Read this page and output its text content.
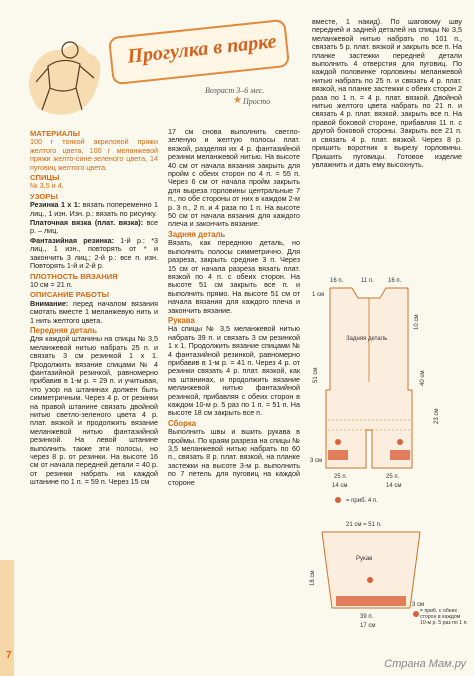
Прогулка в парке
Возраст 3–6 мес.
★ Просто
МАТЕРИАЛЫ

100 г тонкой акриловой пряжи желтого цвета, 100 г меланжевой пряжи желто-сине-зеленого цвета, 14 пуговиц желтого цвета.

СПИЦЫ

№ 3,5 и 4.

УЗОРЫ

Резинка 1 х 1: вязать попеременно 1 лиц., 1 изн. Изн. р.: вязать по рисунку.

Платочная вязка (плат. вязка): все р. – лиц.

Фантазийная резинка: 1-й р.: *3 лиц., 1 изн., повторять от * и закончить 3 лиц.; 2-й р.: все п. изн. Повторять 1-й и 2-й р.

ПЛОТНОСТЬ ВЯЗАНИЯ

10 см = 21 п.

ОПИСАНИЕ РАБОТЫ

Внимание: перед началом вязания смотать вместе 1 меланжевую нить и 1 нить желтого цвета.

Передняя деталь

Для каждой штанины на спицы № 3,5 меланжевой нитью набрать 25 п. и связать 3 см резинкой 1 х 1. Продолжить вязание спицами № 4 фантазийной резинкой, равномерно прибавив в 1-м р. = 29 п. и учитывая, что узор на штанинах должен быть симметричным. Через 4 р. от резинки на правой штанине связать двойной нитью светло-зеленого цвета 4 р. плат. вязкой и продолжить вязание меланжевой нитью фантазийной резинкой. На левой штанине выполнить также эти полосы, но через 8 р. от резинки. На высоте 16 см от начала передней детали = 40 р. от резинки набрать на каждой штанине по 1 п. = 59 п. Через 15 см

17 см снова выполнить светло-зеленую и желтую полосы плат. вязкой, разделяя их 4 р. фантазийной резинки меланжевой нитью. На высоте 40 см от начала вязания закрыть для пройм с обеих сторон по 4 п. = 55 п. Через 6 см от начала пройм закрыть для выреза горловины центральные 7 п., по обе стороны от них в каждом 2-м р. 3 п., 2 п. и 4 раза по 1 п. На высоте 50 см от начала вязания для каждого плеча и закончить вязание.

Задняя деталь

Вязать, как переднюю деталь, но выполнить полосы симметрично. Для разреза, закрыть средние 3 п. Через 15 см от начала разреза вязать плат. вязкой по 4 п. с обеих сторон. На высоте 51 см закрыть все п. и выполнить прямо. На высоте 51 см от начала вязания для каждого плеча и закончить вязание.

Рукава

На спицы № 3,5 меланжевой нитью набрать 39 п. и связать 3 см резинкой 1 х 1. Продолжить вязание спицами № 4 фантазийной резинкой, равномерно прибавив в 1-м р. = 41 п. Через 4 р. от резинки связать 4 р. плат. вязкой, как на штанинах, и продолжить вязание меланжевой нитью фантазийной резинкой, прибавляя с обеих сторон в каждом 10-м р. 5 раз по 1 п. = 51 п. На высоте 18 см закрыть все п.

Сборка

Выполнить швы и вшить рукава в проймы. По краям разреза на спицы № 3,5 меланжевой нитью набрать по 60 п., связать 8 р. плат. вязкой, на планке застежки на высоте 3-м р. выполнить по 7 петель для пуговиц на каждой стороне

вместе, 1 накид). По шаговому шву передней и задней деталей на спицы № 3,5 меланжевой нитью набрать по 101 п., связать 5 р. плат. вязкой и закрыть все п. На планке застежки передней детали выполнить 4 отверстия для пуговиц. По каждой половинке горловины меланжевой нитью набрать по 25 п. и связать 4 р. плат. вязкой, на планке застежки с обеих сторон 2 раза по 1 п. = 4 р. плат. вязкой. Двойной нитью желтого цвета набрать по 21 п. и связать 4 р. плат. вязкой. закрыть все п. На правой боковой стороне, прибавляя 11 п. с другой боковой стороны. Закрыть все 21 п. и связать 4 р. плат. вязкой. Через 8 р. пришить воротник к вырезу горловины. Пришить пуговицы. Готовое изделие увлажнить и дать ему высохнуть.

16 п.	11 п. 16 п.
1 см
51 см
10 см
Задняя деталь
40 см
23 см
3 см
25 п.	25 п.
14 см	14 см
= приб. 4 п.
21 см = 51 п.
Рукав
18 см
3 см
39 п.
17 см
= приб. с обеих сторон в каждом 10-м р. 5 раз по 1 п.
7
Страна Мам.ру
